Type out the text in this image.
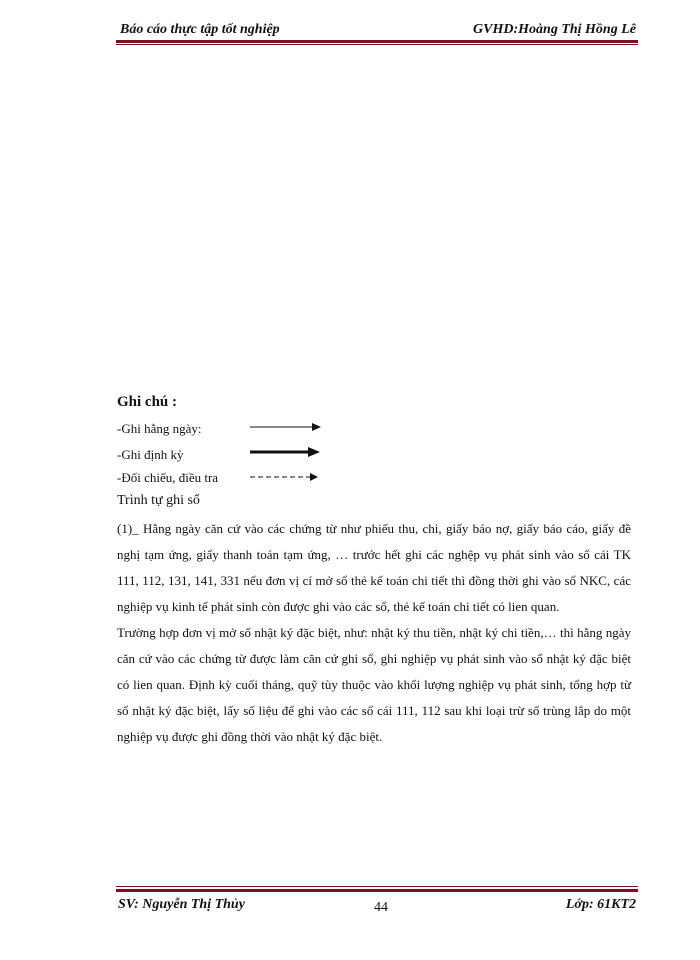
Báo cáo thực tập tốt nghiệp	GVHD:Hoàng Thị Hồng Lê
Ghi chú :
-Ghi hằng ngày:
-Ghi định kỳ
-Đối chiếu, điều tra
Trình tự ghi sổ

(1)_ Hằng ngày căn cứ vào các chứng từ như phiếu thu, chi, giấy báo nợ, giấy báo cáo, giấy đề nghị tạm ứng, giấy thanh toán tạm ứng, … trước hết ghi các nghệp vụ phát sinh vào sổ cái TK 111, 112, 131, 141, 331 nếu đơn vị cí mở sổ thẻ kế toán chi tiết thì đồng thời ghi vào sổ NKC, các nghiệp vụ kinh tế phát sinh còn được ghi vào các sổ, thẻ kế toán chi tiết có lien quan.

Trường hợp đơn vị mở sổ nhật ký đặc biệt, như: nhật ký thu tiền, nhật ký chi tiền,… thì hằng ngày căn cứ vào các chứng từ được làm căn cứ ghi sổ, ghi nghiệp vụ phát sinh vào sổ nhật ký đặc biệt có lien quan. Định kỳ cuối tháng, quỹ tùy thuộc vào khối lượng nghiệp vụ phát sinh, tổng hợp từ sổ nhật ký đặc biệt, lấy số liệu để ghi vào các sổ cái 111, 112 sau khi loại trừ số trùng lắp do một nghiệp vụ được ghi đồng thời vào nhật ký đặc biệt.

SV: Nguyễn Thị Thủy	44	Lớp: 61KT2
